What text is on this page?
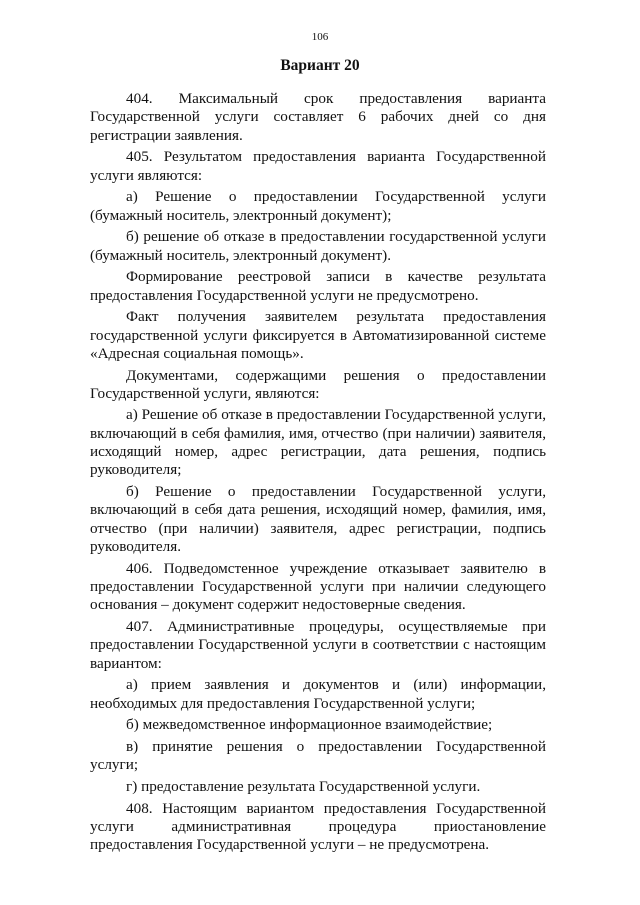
106
Вариант 20

404. Максимальный срок предоставления варианта Государственной услуги составляет 6 рабочих дней со дня регистрации заявления.

405. Результатом предоставления варианта Государственной услуги являются:

а) Решение о предоставлении Государственной услуги (бумажный носитель, электронный документ);

б) решение об отказе в предоставлении государственной услуги (бумажный носитель, электронный документ).

Формирование реестровой записи в качестве результата предоставления Государственной услуги не предусмотрено.

Факт получения заявителем результата предоставления государственной услуги фиксируется в Автоматизированной системе «Адресная социальная помощь».

Документами, содержащими решения о предоставлении Государственной услуги, являются:

а) Решение об отказе в предоставлении Государственной услуги, включающий в себя фамилия, имя, отчество (при наличии) заявителя, исходящий номер, адрес регистрации, дата решения, подпись руководителя;

б) Решение о предоставлении Государственной услуги, включающий в себя дата решения, исходящий номер, фамилия, имя, отчество (при наличии) заявителя, адрес регистрации, подпись руководителя.

406. Подведомстенное учреждение отказывает заявителю в предоставлении Государственной услуги при наличии следующего основания – документ содержит недостоверные сведения.

407. Административные процедуры, осуществляемые при предоставлении Государственной услуги в соответствии с настоящим вариантом:

а) прием заявления и документов и (или) информации, необходимых для предоставления Государственной услуги;

б) межведомственное информационное взаимодействие;

в) принятие решения о предоставлении Государственной услуги;

г) предоставление результата Государственной услуги.

408. Настоящим вариантом предоставления Государственной услуги административная процедура приостановление предоставления Государственной услуги – не предусмотрена.
